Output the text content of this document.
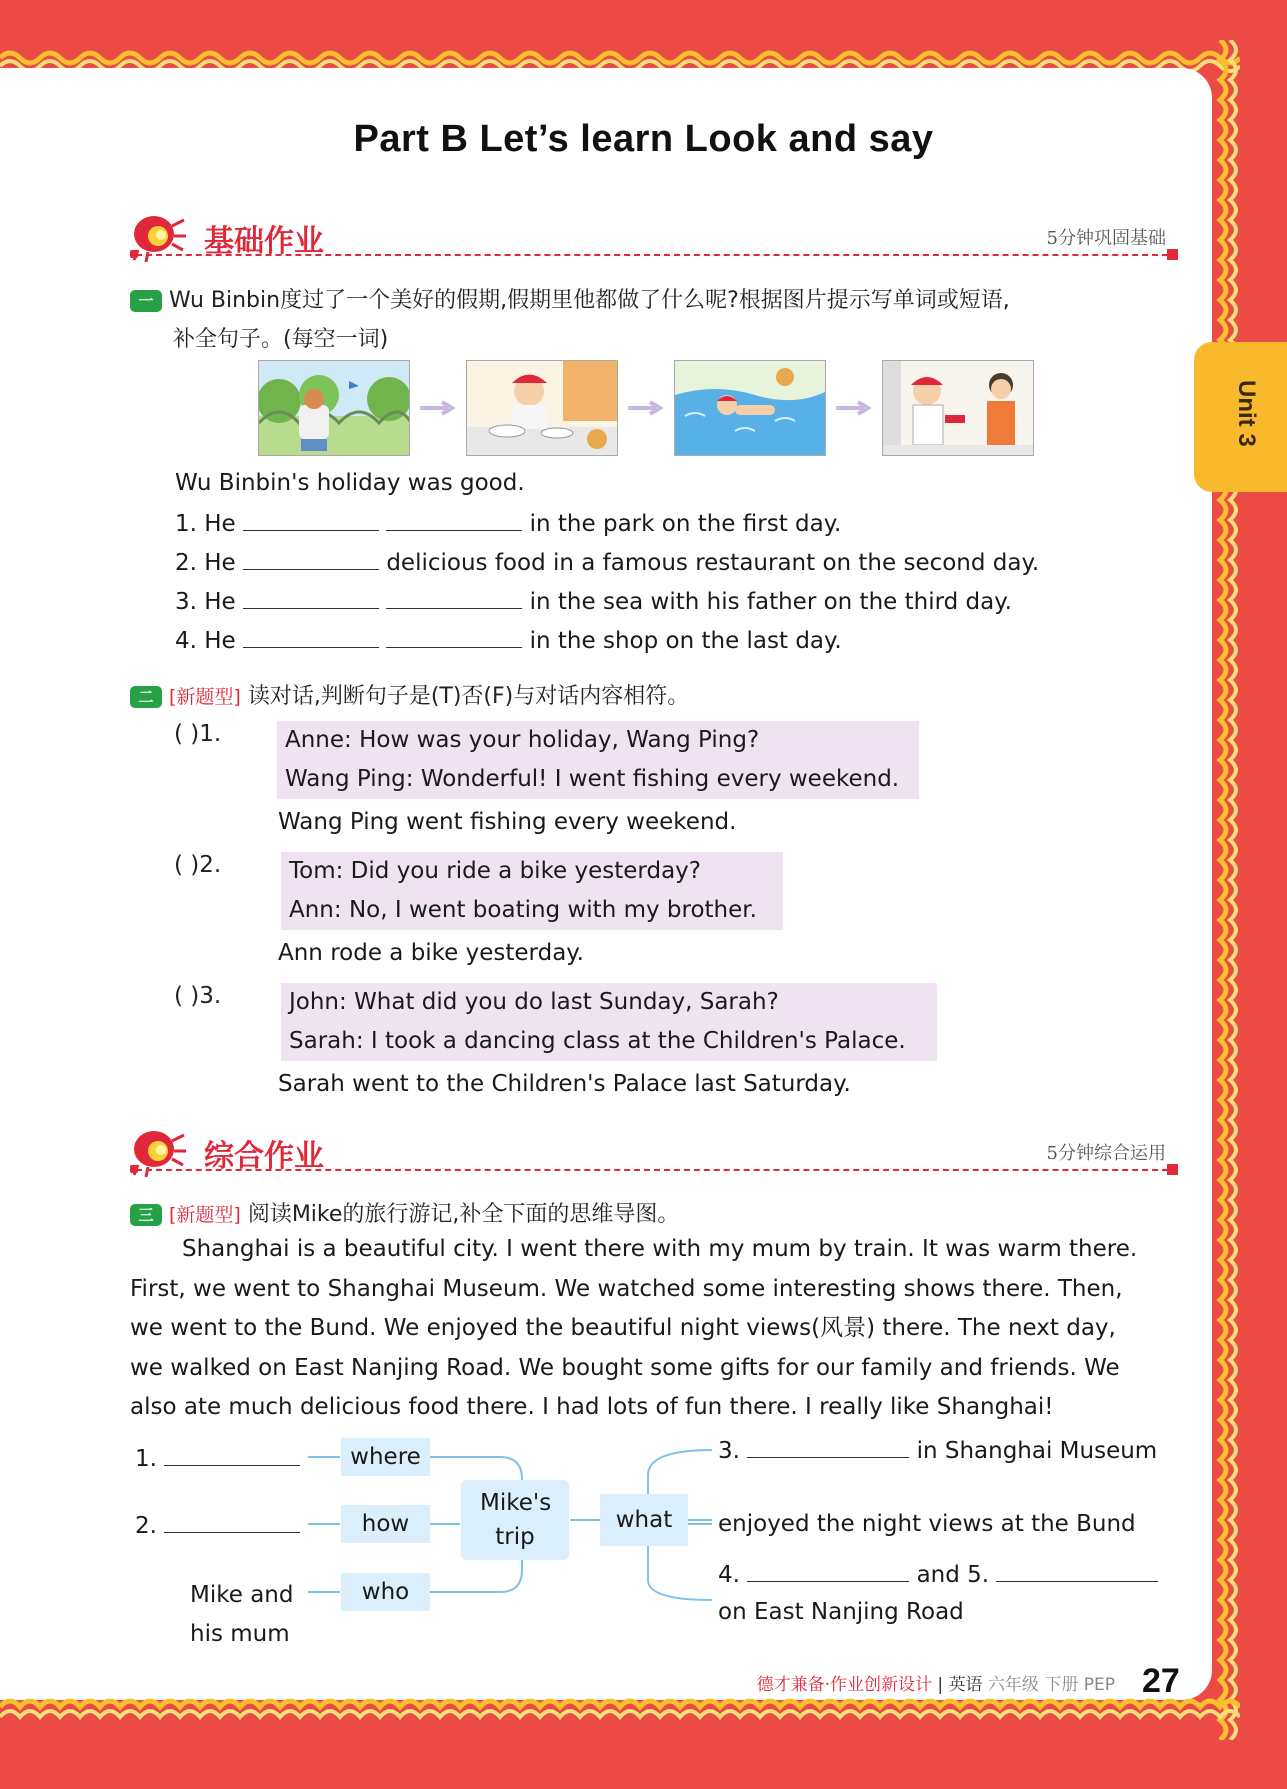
Unit 3
Part B Let’s learn Look and say
基础作业	5分钟巩固基础
一 Wu Binbin度过了一个美好的假期,假期里他都做了什么呢?根据图片提示写单词或短语,
补全句子。(每空一词)
Wu Binbin's holiday was good.
1. He	in the park on the first day.
2. He	delicious food in a famous restaurant on the second day.
3. He	in the sea with his father on the third day.
4. He	in the shop on the last day.
二 [新题型] 读对话,判断句子是(T)否(F)与对话内容相符。
( )1.	Anne: How was your holiday, Wang Ping?
Wang Ping: Wonderful! I went fishing every weekend.
Wang Ping went fishing every weekend.
( )2.	Tom: Did you ride a bike yesterday?
Ann: No, I went boating with my brother.
Ann rode a bike yesterday.
( )3.	John: What did you do last Sunday, Sarah?
Sarah: I took a dancing class at the Children's Palace.
Sarah went to the Children's Palace last Saturday.
综合作业	5分钟综合运用
三 [新题型] 阅读Mike的旅行游记,补全下面的思维导图。
Shanghai is a beautiful city. I went there with my mum by train. It was warm there.
First, we went to Shanghai Museum. We watched some interesting shows there. Then,
we went to the Bund. We enjoyed the beautiful night views(风景) there. The next day,
we walked on East Nanjing Road. We bought some gifts for our family and friends. We
also ate much delicious food there. I had lots of fun there. I really like Shanghai!
where
how
who
Mike's trip
what
1.
2.
Mike and
his mum
3.	in Shanghai Museum
enjoyed the night views at the Bund
4.	and 5.
on East Nanjing Road
德才兼备·作业创新设计 | 英语 六年级 下册 PEP 27
